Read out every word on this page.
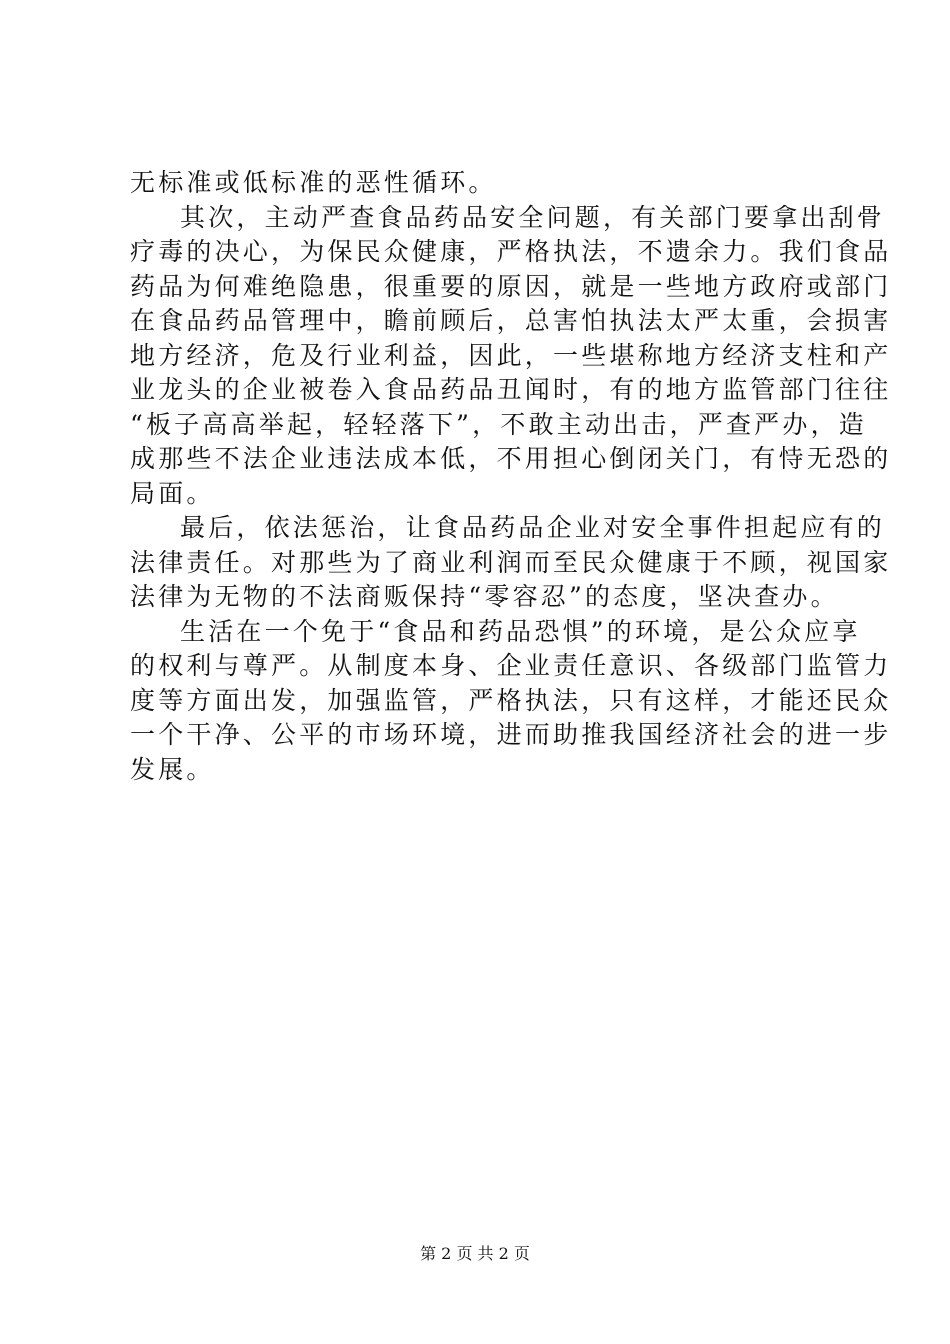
无标准或低标准的恶性循环。
其次，主动严查食品药品安全问题，有关部门要拿出刮骨
疗毒的决心，为保民众健康，严格执法，不遗余力。我们食品
药品为何难绝隐患，很重要的原因，就是一些地方政府或部门
在食品药品管理中，瞻前顾后，总害怕执法太严太重，会损害
地方经济，危及行业利益，因此，一些堪称地方经济支柱和产
业龙头的企业被卷入食品药品丑闻时，有的地方监管部门往往
“板子高高举起，轻轻落下”，不敢主动出击，严查严办，造
成那些不法企业违法成本低，不用担心倒闭关门，有恃无恐的
局面。
最后，依法惩治，让食品药品企业对安全事件担起应有的
法律责任。对那些为了商业利润而至民众健康于不顾，视国家
法律为无物的不法商贩保持“零容忍”的态度，坚决查办。
生活在一个免于“食品和药品恐惧”的环境，是公众应享
的权利与尊严。从制度本身、企业责任意识、各级部门监管力
度等方面出发，加强监管，严格执法，只有这样，才能还民众
一个干净、公平的市场环境，进而助推我国经济社会的进一步
发展。
第 2 页 共 2 页
